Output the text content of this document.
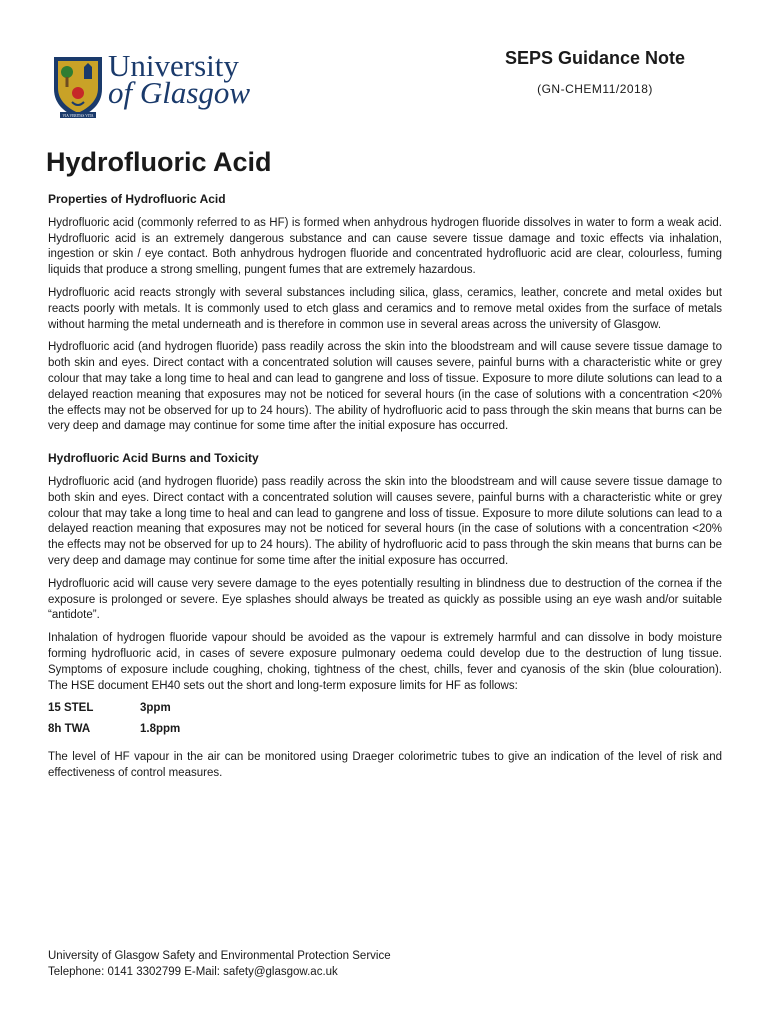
VIA VERITAS VITA
University
of Glasgow
SEPS Guidance Note
(GN-CHEM11/2018)
Hydrofluoric Acid
Properties of Hydrofluoric Acid

Hydrofluoric acid (commonly referred to as HF) is formed when anhydrous hydrogen fluoride dissolves in water to form a weak acid. Hydrofluoric acid is an extremely dangerous substance and can cause severe tissue damage and toxic effects via inhalation, ingestion or skin / eye contact. Both anhydrous hydrogen fluoride and concentrated hydrofluoric acid are clear, colourless, fuming liquids that produce a strong smelling, pungent fumes that are extremely hazardous.

Hydrofluoric acid reacts strongly with several substances including silica, glass, ceramics, leather, concrete and metal oxides but reacts poorly with metals. It is commonly used to etch glass and ceramics and to remove metal oxides from the surface of metals without harming the metal underneath and is therefore in common use in several areas across the university of Glasgow.

Hydrofluoric acid (and hydrogen fluoride) pass readily across the skin into the bloodstream and will cause severe tissue damage to both skin and eyes. Direct contact with a concentrated solution will causes severe, painful burns with a characteristic white or grey colour that may take a long time to heal and can lead to gangrene and loss of tissue. Exposure to more dilute solutions can lead to a delayed reaction meaning that exposures may not be noticed for several hours (in the case of solutions with a concentration <20% the effects may not be observed for up to 24 hours). The ability of hydrofluoric acid to pass through the skin means that burns can be very deep and damage may continue for some time after the initial exposure has occurred.

Hydrofluoric Acid Burns and Toxicity

Hydrofluoric acid (and hydrogen fluoride) pass readily across the skin into the bloodstream and will cause severe tissue damage to both skin and eyes. Direct contact with a concentrated solution will causes severe, painful burns with a characteristic white or grey colour that may take a long time to heal and can lead to gangrene and loss of tissue. Exposure to more dilute solutions can lead to a delayed reaction meaning that exposures may not be noticed for several hours (in the case of solutions with a concentration <20% the effects may not be observed for up to 24 hours). The ability of hydrofluoric acid to pass through the skin means that burns can be very deep and damage may continue for some time after the initial exposure has occurred.

Hydrofluoric acid will cause very severe damage to the eyes potentially resulting in blindness due to destruction of the cornea if the exposure is prolonged or severe. Eye splashes should always be treated as quickly as possible using an eye wash and/or suitable “antidote”.

Inhalation of hydrogen fluoride vapour should be avoided as the vapour is extremely harmful and can dissolve in body moisture forming hydrofluoric acid, in cases of severe exposure pulmonary oedema could develop due to the destruction of lung tissue. Symptoms of exposure include coughing, choking, tightness of the chest, chills, fever and cyanosis of the skin (blue colouration). The HSE document EH40 sets out the short and long-term exposure limits for HF as follows:

15 STEL	3ppm
8h TWA	1.8ppm

The level of HF vapour in the air can be monitored using Draeger colorimetric tubes to give an indication of the level of risk and effectiveness of control measures.

University of Glasgow Safety and Environmental Protection Service
Telephone: 0141 3302799 E-Mail: safety@glasgow.ac.uk
